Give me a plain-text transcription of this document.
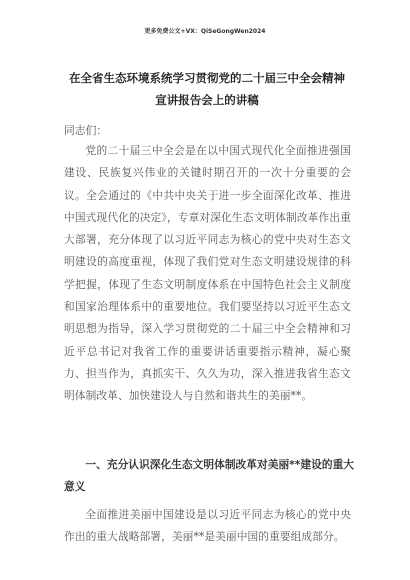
更多免费公文+VX：QiSeGongWen2024
在全省生态环境系统学习贯彻党的二十届三中全会精神宣讲报告会上的讲稿

同志们：

党的二十届三中全会是在以中国式现代化全面推进强国建设、民族复兴伟业的关键时期召开的一次十分重要的会议。全会通过的《中共中央关于进一步全面深化改革、推进中国式现代化的决定》，专章对深化生态文明体制改革作出重大部署，充分体现了以习近平同志为核心的党中央对生态文明建设的高度重视，体现了我们党对生态文明建设规律的科学把握，体现了生态文明制度体系在中国特色社会主义制度和国家治理体系中的重要地位。我们要坚持以习近平生态文明思想为指导，深入学习贯彻党的二十届三中全会精神和习近平总书记对我省工作的重要讲话重要指示精神，凝心聚力、担当作为，真抓实干、久久为功，深入推进我省生态文明体制改革、加快建设人与自然和谐共生的美丽**。

一、充分认识深化生态文明体制改革对美丽**建设的重大意义

全面推进美丽中国建设是以习近平同志为核心的党中央作出的重大战略部署，美丽**是美丽中国的重要组成部分。
